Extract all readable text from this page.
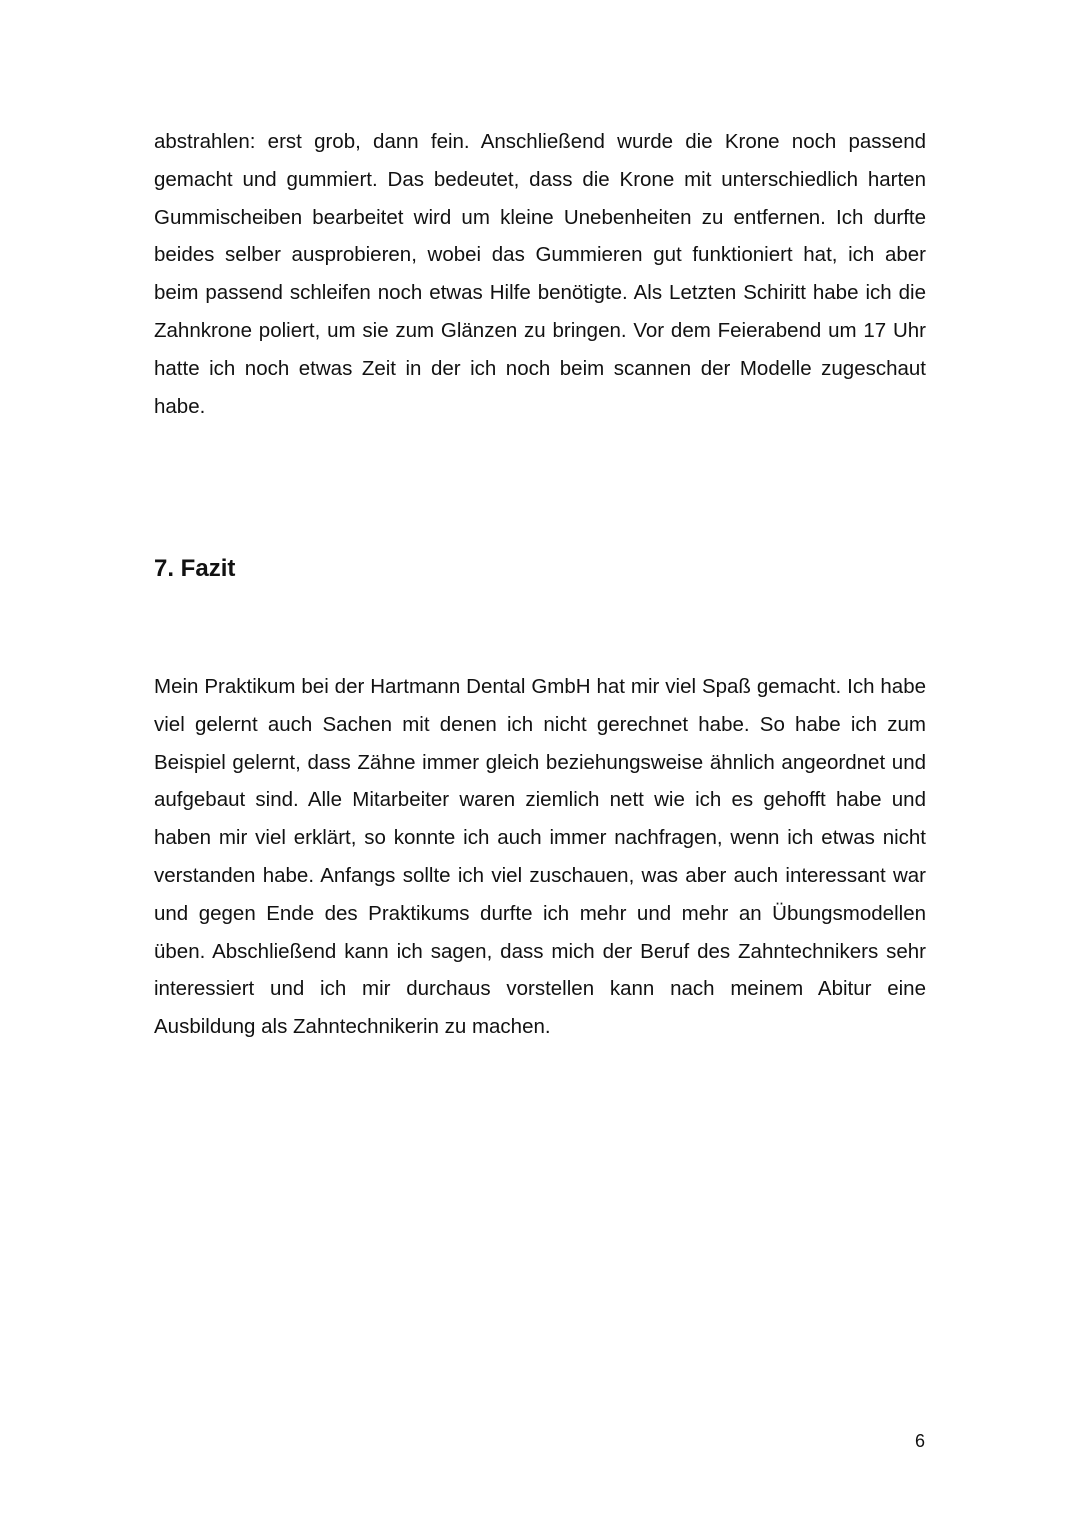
abstrahlen: erst grob, dann fein. Anschließend wurde die Krone noch passend gemacht und gummiert. Das bedeutet, dass die Krone mit unterschiedlich harten Gummischeiben bearbeitet wird um kleine Unebenheiten zu entfernen. Ich durfte beides selber ausprobieren, wobei das Gummieren gut funktioniert hat, ich aber beim passend schleifen noch etwas Hilfe benötigte. Als Letzten Schiritt habe ich die Zahnkrone poliert, um sie zum Glänzen zu bringen. Vor dem Feierabend um 17 Uhr hatte ich noch etwas Zeit in der ich noch beim scannen der Modelle zugeschaut habe.

7. Fazit

Mein Praktikum bei der Hartmann Dental GmbH hat mir viel Spaß gemacht. Ich habe viel gelernt auch Sachen mit denen ich nicht gerechnet habe. So habe ich zum Beispiel gelernt, dass Zähne immer gleich beziehungsweise ähnlich angeordnet und aufgebaut sind. Alle Mitarbeiter waren ziemlich nett wie ich es gehofft habe und haben mir viel erklärt, so konnte ich auch immer nachfragen, wenn ich etwas nicht verstanden habe. Anfangs sollte ich viel zuschauen, was aber auch interessant war und gegen Ende des Praktikums durfte ich mehr und mehr an Übungsmodellen üben. Abschließend kann ich sagen, dass mich der Beruf des Zahntechnikers sehr interessiert und ich mir durchaus vorstellen kann nach meinem Abitur eine Ausbildung als Zahntechnikerin zu machen.

6
